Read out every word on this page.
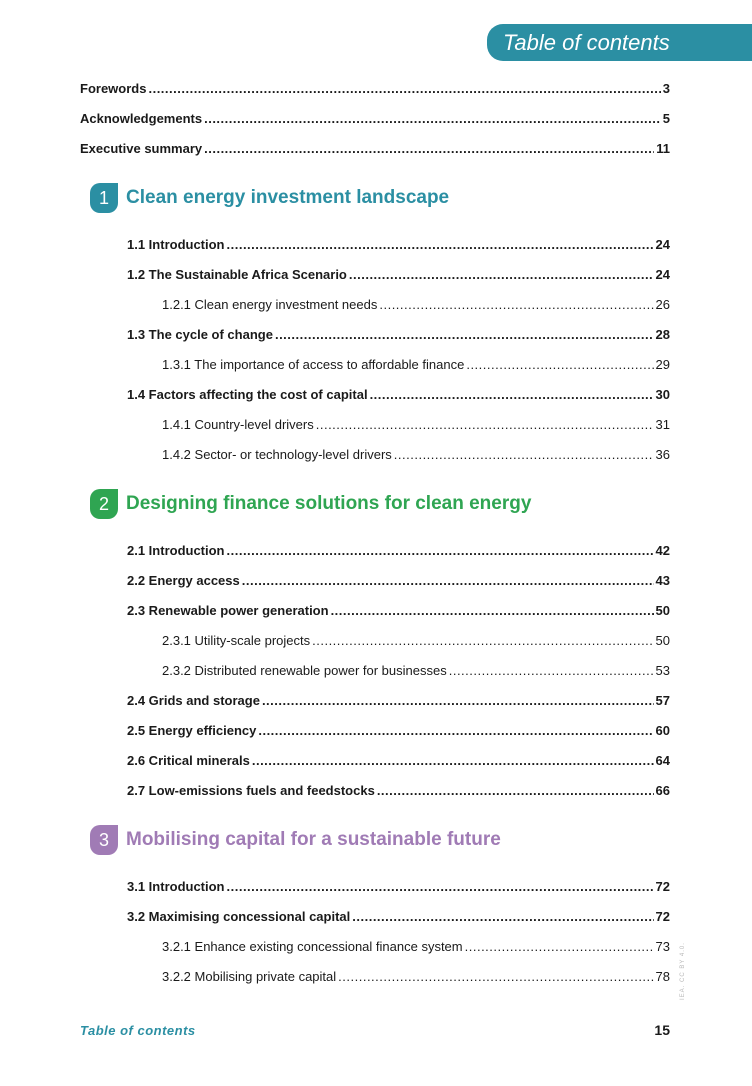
Table of contents
Forewords .....	3
Acknowledgements .....	5
Executive summary .....	11
1 Clean energy investment landscape
1.1 Introduction .....	24
1.2 The Sustainable Africa Scenario .....	24
1.2.1 Clean energy investment needs .....	26
1.3 The cycle of change .....	28
1.3.1 The importance of access to affordable finance .....	29
1.4 Factors affecting the cost of capital .....	30
1.4.1 Country-level drivers .....	31
1.4.2 Sector- or technology-level drivers .....	36
2 Designing finance solutions for clean energy
2.1 Introduction .....	42
2.2 Energy access .....	43
2.3 Renewable power generation .....	50
2.3.1 Utility-scale projects .....	50
2.3.2 Distributed renewable power for businesses .....	53
2.4 Grids and storage .....	57
2.5 Energy efficiency .....	60
2.6 Critical minerals .....	64
2.7 Low-emissions fuels and feedstocks .....	66
3 Mobilising capital for a sustainable future
3.1 Introduction .....	72
3.2 Maximising concessional capital .....	72
3.2.1 Enhance existing concessional finance system .....	73
3.2.2 Mobilising private capital .....	78
Table of contents	15
IEA. CC BY 4.0.
